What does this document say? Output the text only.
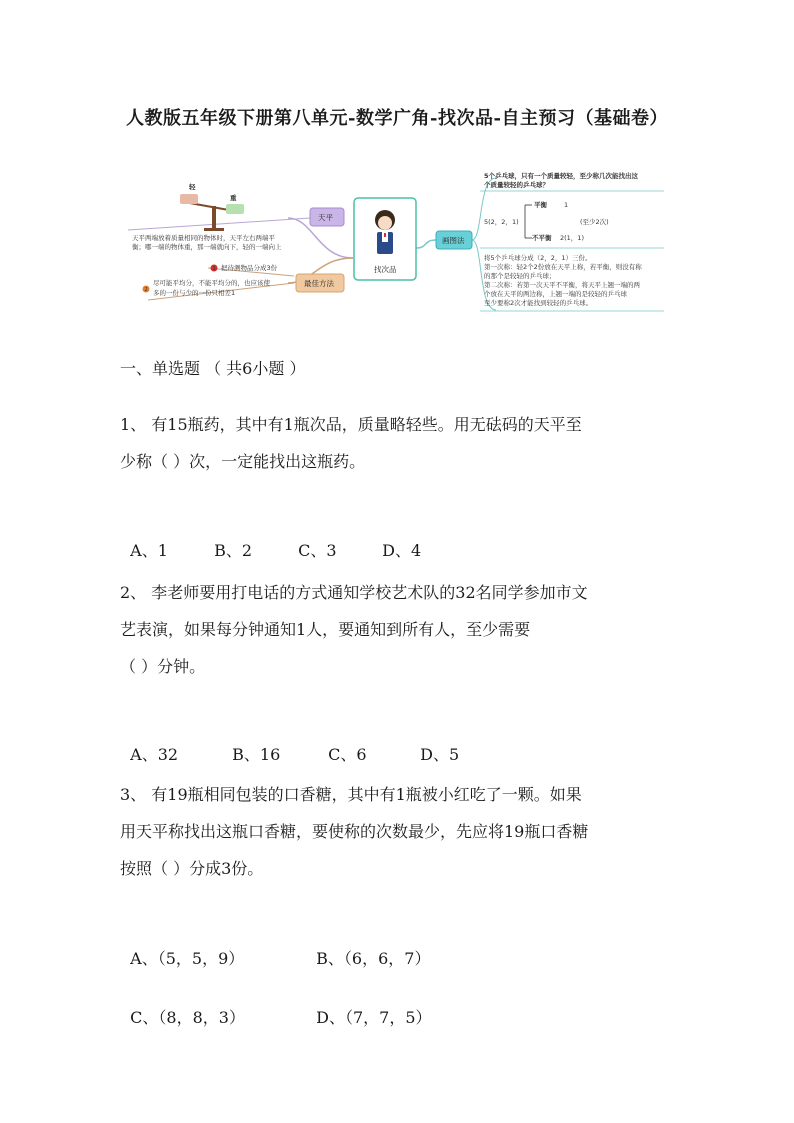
人教版五年级下册第八单元-数学广角-找次品-自主预习（基础卷）
轻
重
天平两端放着质量相同的物体时，天平左右两端平
衡；哪一端的物体重，那一端就向下，轻的一端向上
天平
最佳方法
1 把待测物品分成3份
2
尽可能平均分，不能平均分的，也应该使
多的一份与少的一份只相差1
找次品
画图法
5个乒乓球，只有一个质量较轻，至少称几次能找出这
个质量较轻的乒乓球？
5(2，2，1)
平衡	1
(至少2次)
不平衡 2(1，1)
将5个乒乓球分成（2，2，1）三份。
第一次称：轻2个2份放在天平上称，若平衡，则没有称
的那个是较轻的乒乓球；
第二次称：若第一次天平不平衡，将天平上翘一端的两
个放在天平的两边称，上翘一端的是较轻的乒乓球
至少要称2次才能找到较轻的乒乓球。
一、单选题 （ 共6小题 ）
1、 有15瓶药，其中有1瓶次品，质量略轻些。用无砝码的天平至
少称（ ）次，一定能找出这瓶药。

A、1	B、2	C、3	D、4

2、 李老师要用打电话的方式通知学校艺术队的32名同学参加市文
艺表演，如果每分钟通知1人，要通知到所有人，至少需要
（ ）分钟。

A、32	B、16	C、6	D、5

3、 有19瓶相同包装的口香糖，其中有1瓶被小红吃了一颗。如果
用天平称找出这瓶口香糖，要使称的次数最少，先应将19瓶口香糖
按照（ ）分成3份。

A、（5，5，9）	B、（6，6，7）

C、（8，8，3）	D、（7，7，5）
